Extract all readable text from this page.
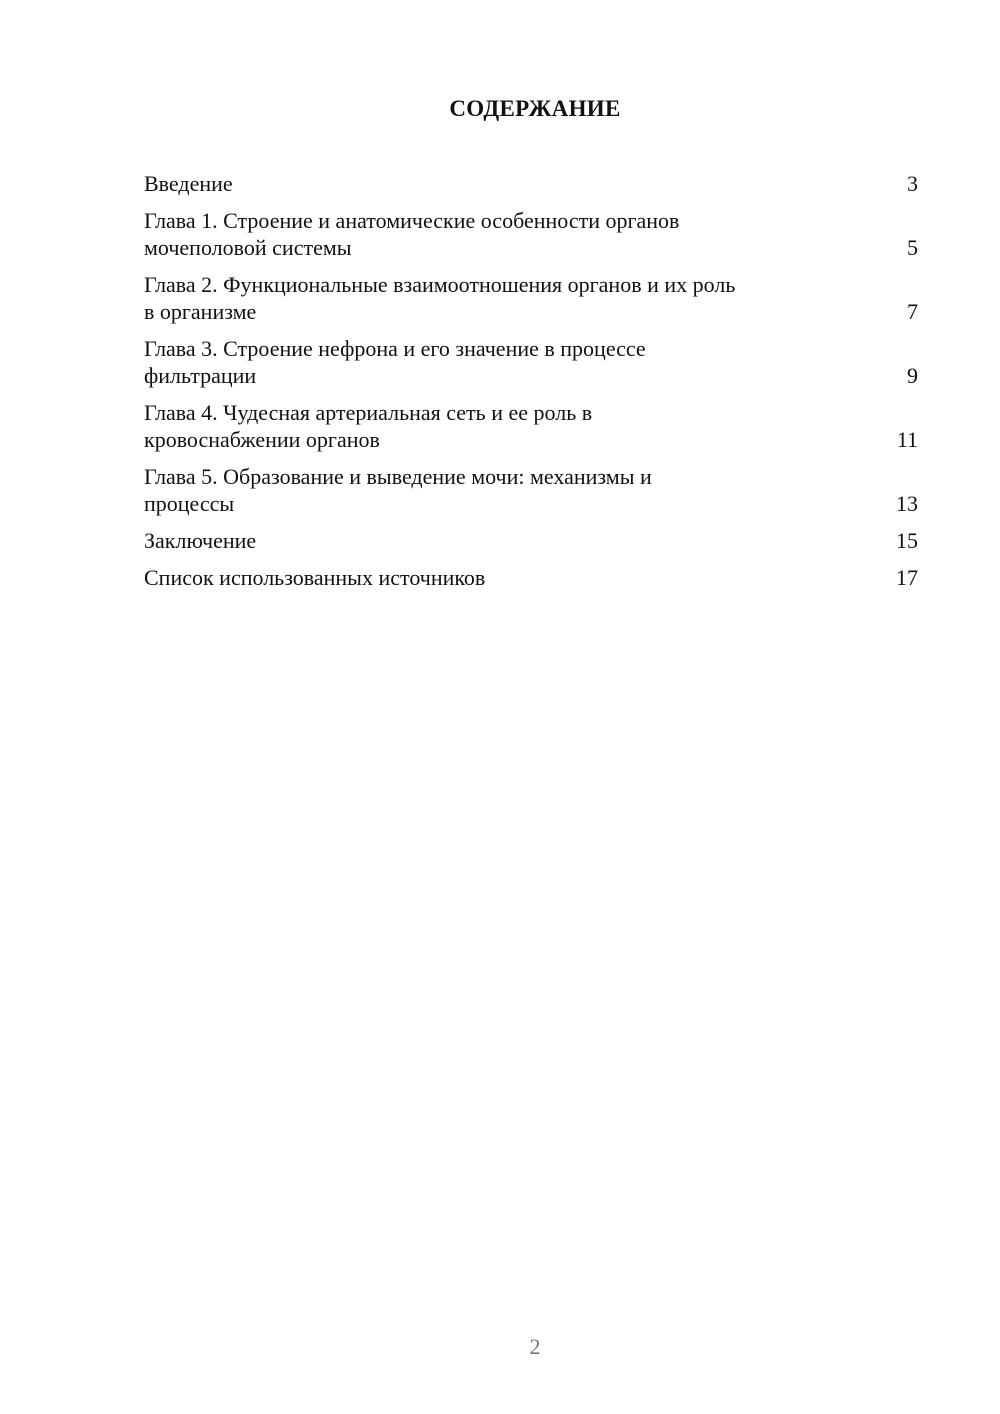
СОДЕРЖАНИЕ
Введение	3
Глава 1. Строение и анатомические особенности органов
мочеполовой системы	5
Глава 2. Функциональные взаимоотношения органов и их роль
в организме	7
Глава 3. Строение нефрона и его значение в процессе
фильтрации	9
Глава 4. Чудесная артериальная сеть и ее роль в
кровоснабжении органов	11
Глава 5. Образование и выведение мочи: механизмы и
процессы	13
Заключение	15
Список использованных источников	17
2
